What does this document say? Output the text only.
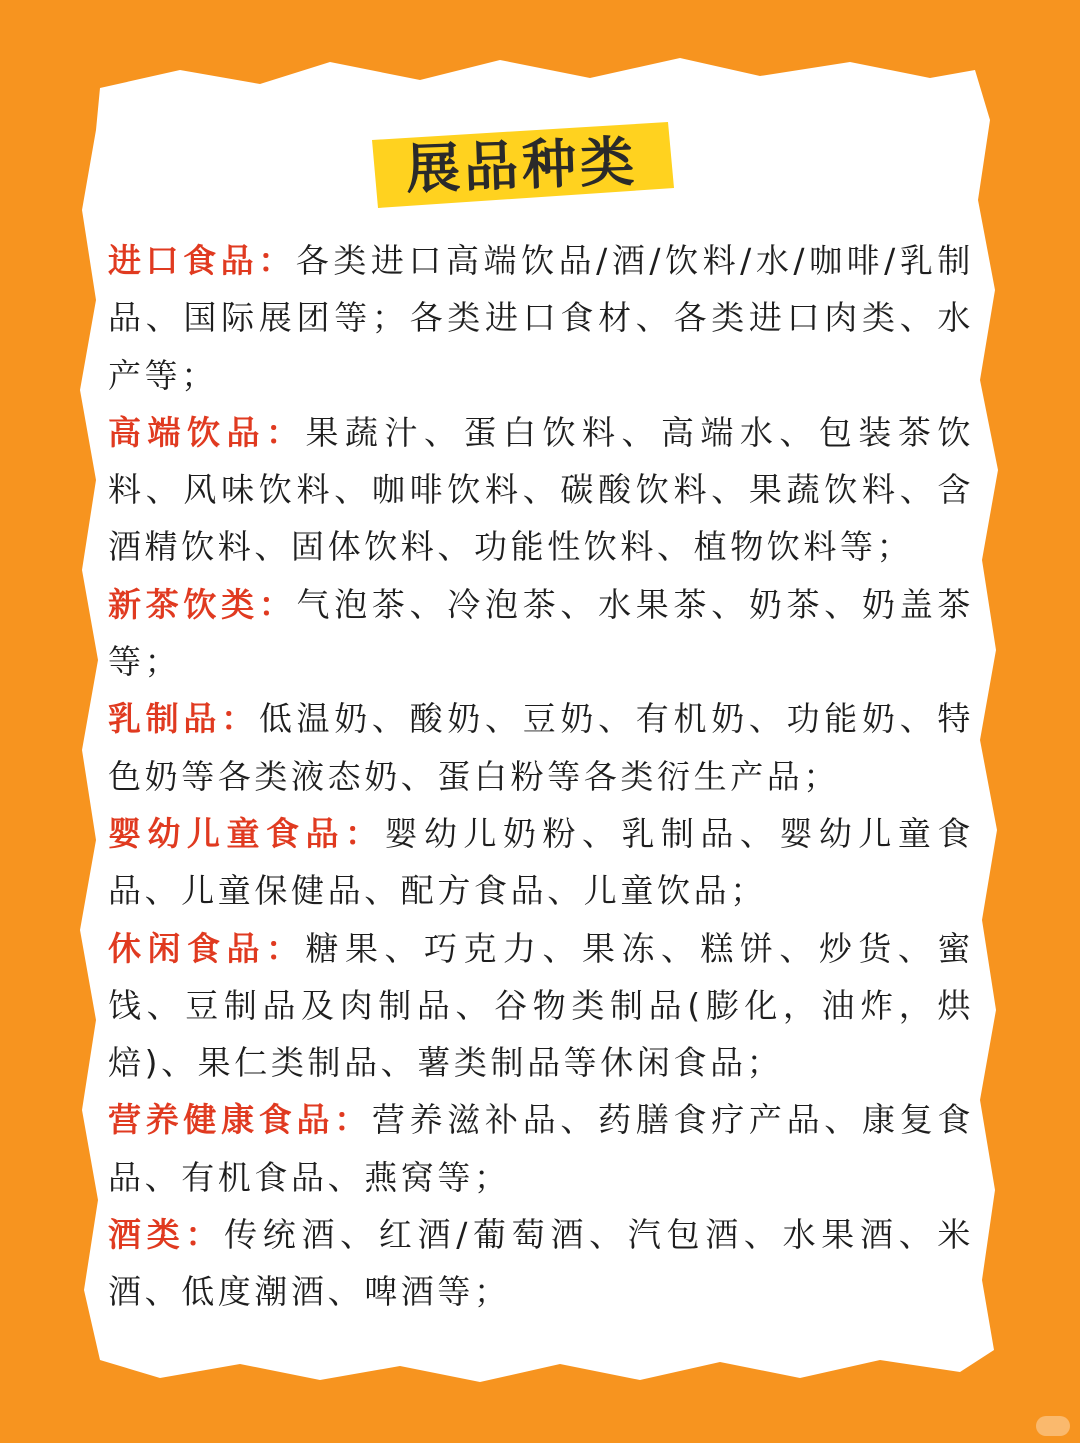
展品种类

进口食品：各类进口高端饮品/酒/饮料/水/咖啡/乳制品、国际展团等；各类进口食材、各类进口肉类、水产等；

高端饮品：果蔬汁、蛋白饮料、高端水、包装茶饮料、风味饮料、咖啡饮料、碳酸饮料、果蔬饮料、含酒精饮料、固体饮料、功能性饮料、植物饮料等；

新茶饮类：气泡茶、冷泡茶、水果茶、奶茶、奶盖茶等；

乳制品：低温奶、酸奶、豆奶、有机奶、功能奶、特色奶等各类液态奶、蛋白粉等各类衍生产品；

婴幼儿童食品：婴幼儿奶粉、乳制品、婴幼儿童食品、儿童保健品、配方食品、儿童饮品；

休闲食品：糖果、巧克力、果冻、糕饼、炒货、蜜饯、豆制品及肉制品、谷物类制品(膨化，油炸，烘焙)、果仁类制品、薯类制品等休闲食品；

营养健康食品：营养滋补品、药膳食疗产品、康复食品、有机食品、燕窝等；

酒类：传统酒、红酒/葡萄酒、汽包酒、水果酒、米酒、低度潮酒、啤酒等；
